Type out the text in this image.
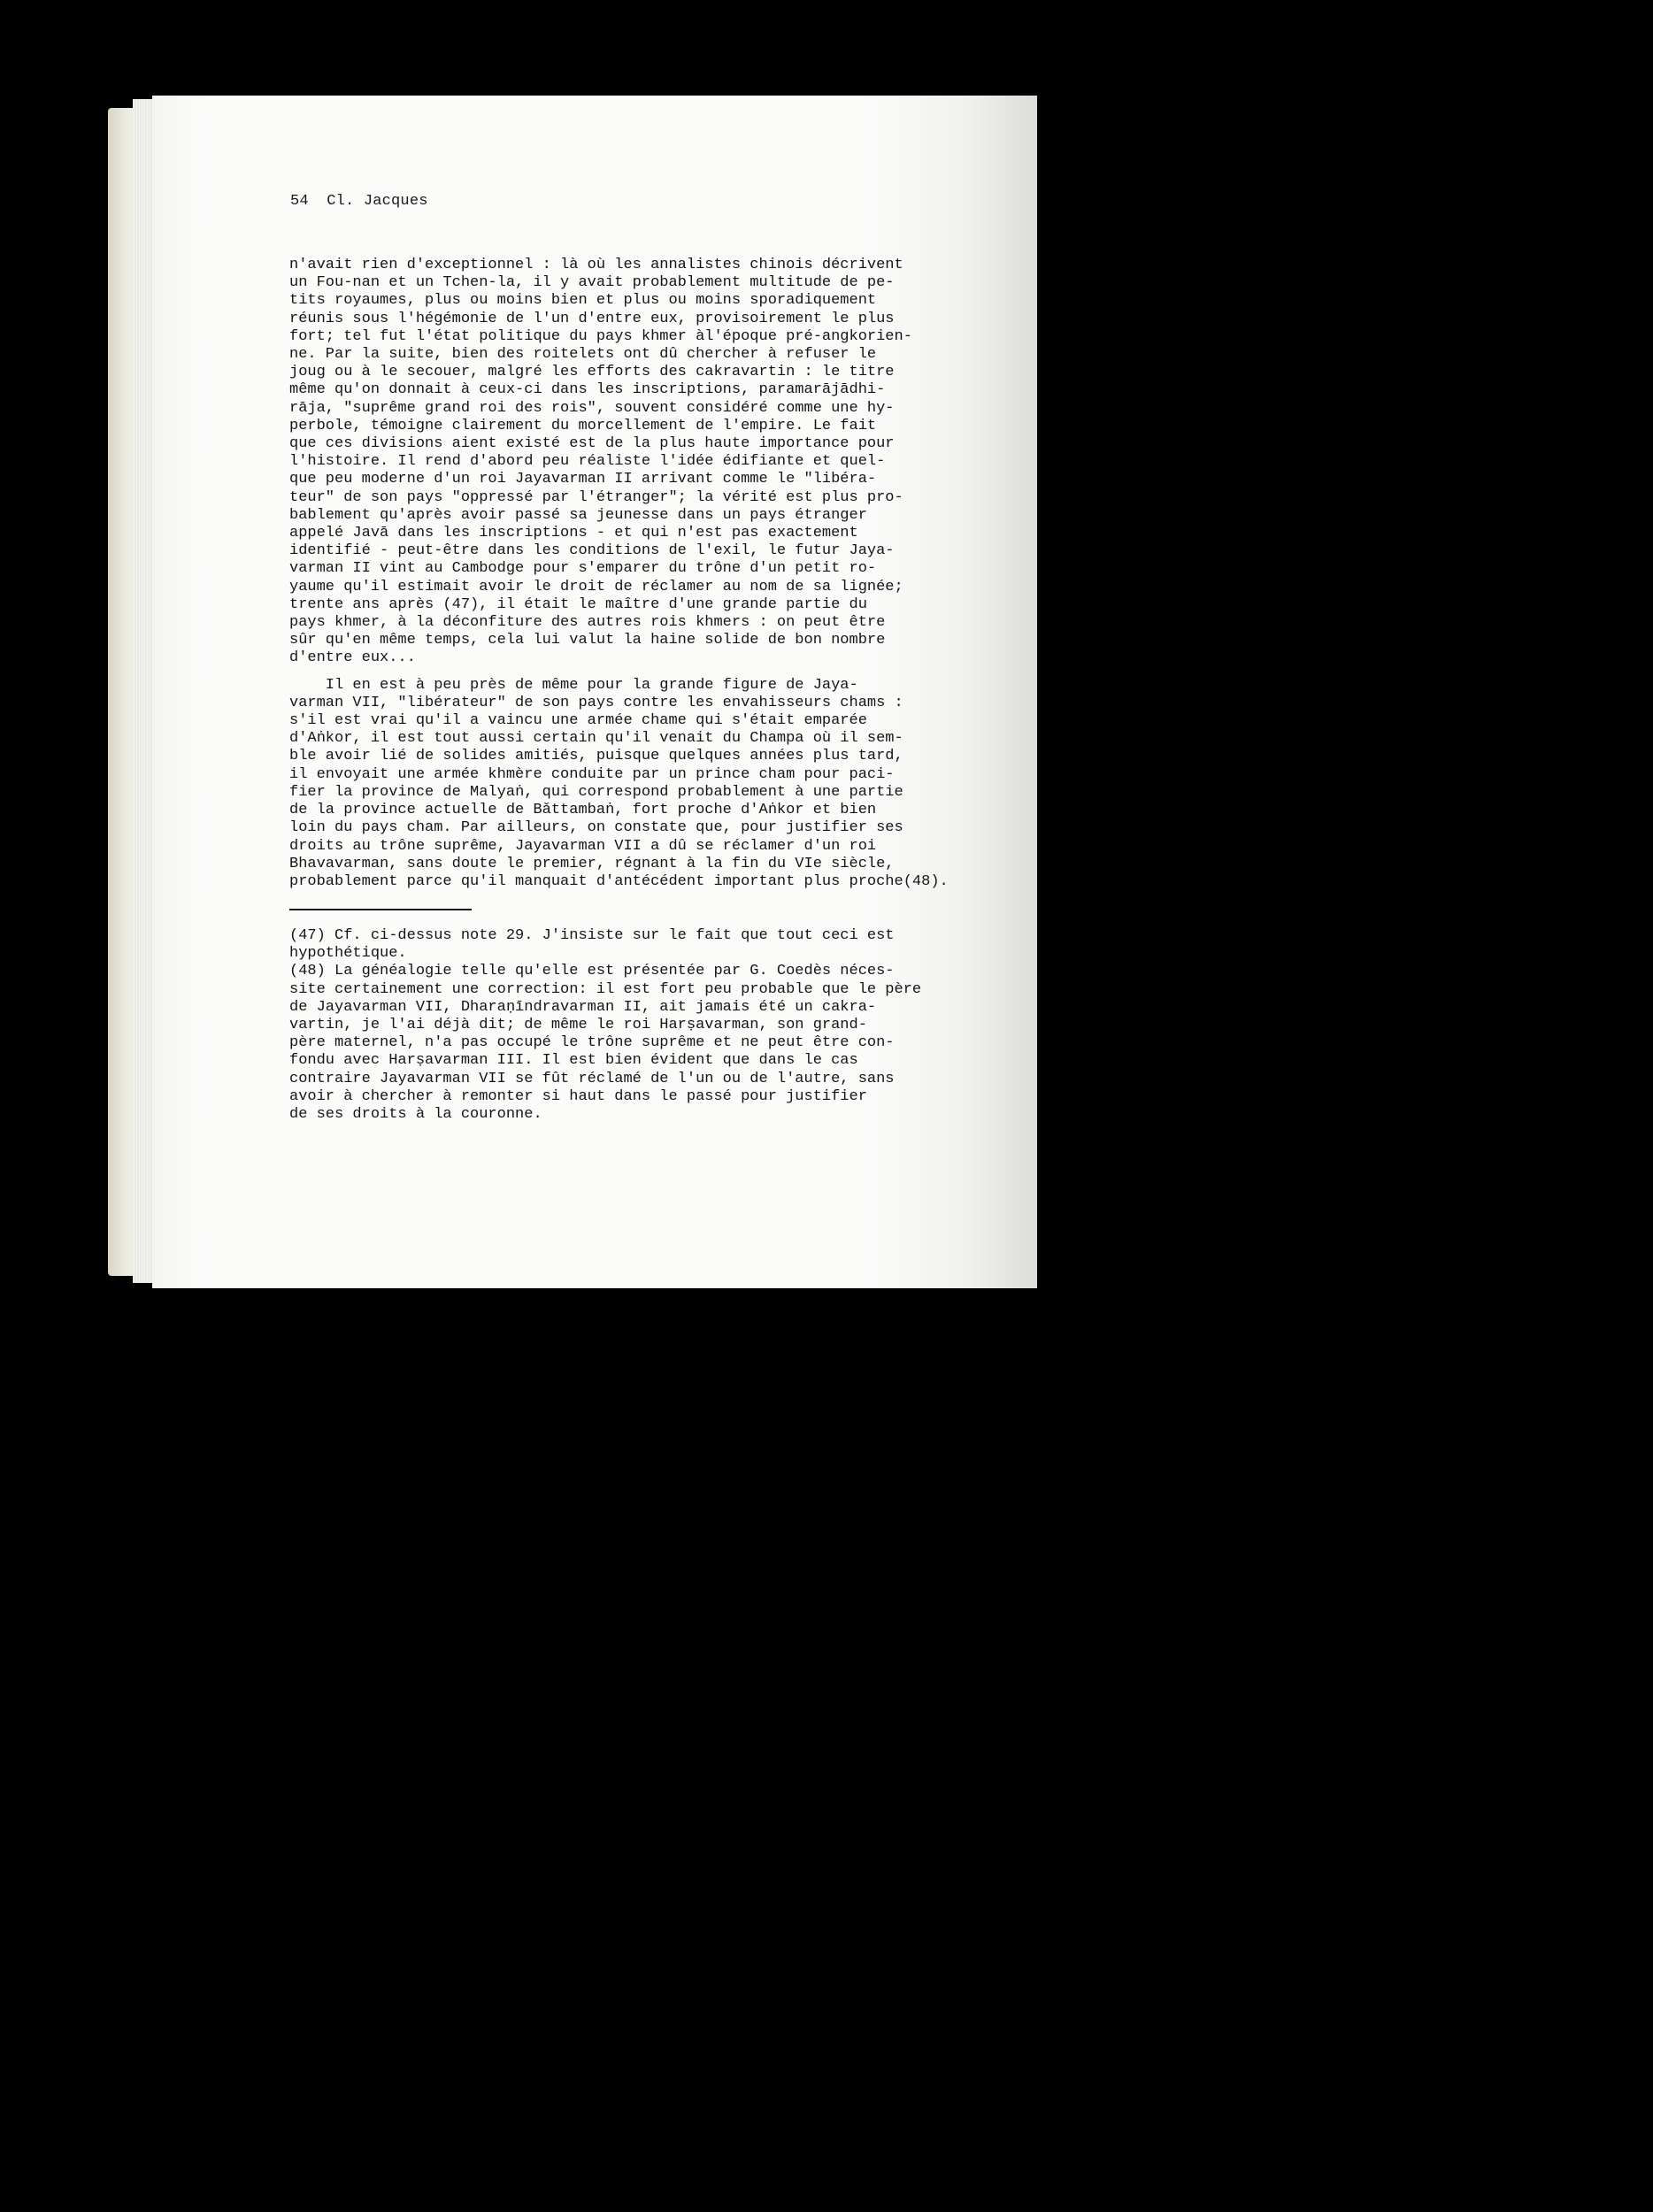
54 Cl. Jacques
n'avait rien d'exceptionnel : là où les annalistes chinois décrivent
un Fou-nan et un Tchen-la, il y avait probablement multitude de pe-
tits royaumes, plus ou moins bien et plus ou moins sporadiquement
réunis sous l'hégémonie de l'un d'entre eux, provisoirement le plus
fort; tel fut l'état politique du pays khmer àl'époque pré-angkorien-
ne. Par la suite, bien des roitelets ont dû chercher à refuser le
joug ou à le secouer, malgré les efforts des cakravartin : le titre
même qu'on donnait à ceux-ci dans les inscriptions, paramarājādhi-
rāja, "suprême grand roi des rois", souvent considéré comme une hy-
perbole, témoigne clairement du morcellement de l'empire. Le fait
que ces divisions aient existé est de la plus haute importance pour
l'histoire. Il rend d'abord peu réaliste l'idée édifiante et quel-
que peu moderne d'un roi Jayavarman II arrivant comme le "libéra-
teur" de son pays "oppressé par l'étranger"; la vérité est plus pro-
bablement qu'après avoir passé sa jeunesse dans un pays étranger
appelé Javā dans les inscriptions - et qui n'est pas exactement
identifié - peut-être dans les conditions de l'exil, le futur Jaya-
varman II vint au Cambodge pour s'emparer du trône d'un petit ro-
yaume qu'il estimait avoir le droit de réclamer au nom de sa lignée;
trente ans après (47), il était le maître d'une grande partie du
pays khmer, à la déconfiture des autres rois khmers : on peut être
sûr qu'en même temps, cela lui valut la haine solide de bon nombre
d'entre eux...
Il en est à peu près de même pour la grande figure de Jaya-
varman VII, "libérateur" de son pays contre les envahisseurs chams :
s'il est vrai qu'il a vaincu une armée chame qui s'était emparée
d'Aṅkor, il est tout aussi certain qu'il venait du Champa où il sem-
ble avoir lié de solides amitiés, puisque quelques années plus tard,
il envoyait une armée khmère conduite par un prince cham pour paci-
fier la province de Malyaṅ, qui correspond probablement à une partie
de la province actuelle de Bǎttambaṅ, fort proche d'Aṅkor et bien
loin du pays cham. Par ailleurs, on constate que, pour justifier ses
droits au trône suprême, Jayavarman VII a dû se réclamer d'un roi
Bhavavarman, sans doute le premier, régnant à la fin du VIe siècle,
probablement parce qu'il manquait d'antécédent important plus proche(48).
(47) Cf. ci-dessus note 29. J'insiste sur le fait que tout ceci est
hypothétique.
(48) La généalogie telle qu'elle est présentée par G. Coedès néces-
site certainement une correction: il est fort peu probable que le père
de Jayavarman VII, Dharaṇīndravarman II, ait jamais été un cakra-
vartin, je l'ai déjà dit; de même le roi Harṣavarman, son grand-
père maternel, n'a pas occupé le trône suprême et ne peut être con-
fondu avec Harṣavarman III. Il est bien évident que dans le cas
contraire Jayavarman VII se fût réclamé de l'un ou de l'autre, sans
avoir à chercher à remonter si haut dans le passé pour justifier
de ses droits à la couronne.
